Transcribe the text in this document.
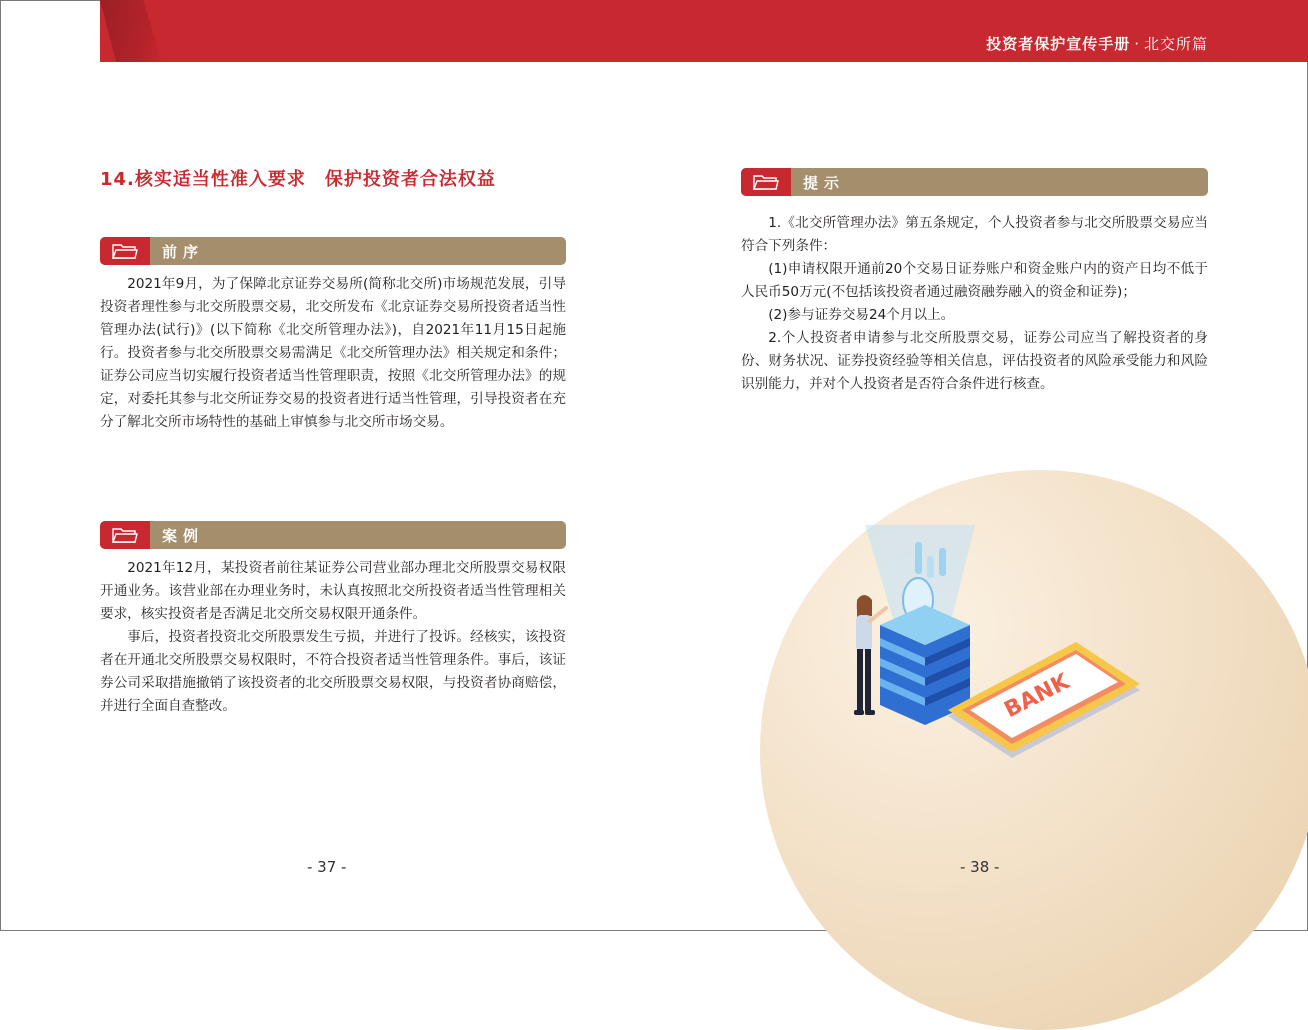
投资者保护宣传手册 · 北交所篇
14.核实适当性准入要求　保护投资者合法权益
前序

2021年9月，为了保障北京证券交易所(简称北交所)市场规范发展，引导投资者理性参与北交所股票交易，北交所发布《北京证券交易所投资者适当性管理办法(试行)》(以下简称《北交所管理办法》)，自2021年11月15日起施行。投资者参与北交所股票交易需满足《北交所管理办法》相关规定和条件；证券公司应当切实履行投资者适当性管理职责，按照《北交所管理办法》的规定，对委托其参与北交所证券交易的投资者进行适当性管理，引导投资者在充分了解北交所市场特性的基础上审慎参与北交所市场交易。

案例

2021年12月，某投资者前往某证券公司营业部办理北交所股票交易权限开通业务。该营业部在办理业务时，未认真按照北交所投资者适当性管理相关要求，核实投资者是否满足北交所交易权限开通条件。

事后，投资者投资北交所股票发生亏损，并进行了投诉。经核实，该投资者在开通北交所股票交易权限时，不符合投资者适当性管理条件。事后，该证券公司采取措施撤销了该投资者的北交所股票交易权限，与投资者协商赔偿，并进行全面自查整改。

- 37 -
BANK
提示

1.《北交所管理办法》第五条规定，个人投资者参与北交所股票交易应当符合下列条件：

(1)申请权限开通前20个交易日证券账户和资金账户内的资产日均不低于人民币50万元(不包括该投资者通过融资融券融入的资金和证券)；

(2)参与证券交易24个月以上。

2.个人投资者申请参与北交所股票交易，证券公司应当了解投资者的身份、财务状况、证券投资经验等相关信息，评估投资者的风险承受能力和风险识别能力，并对个人投资者是否符合条件进行核查。

- 38 -
